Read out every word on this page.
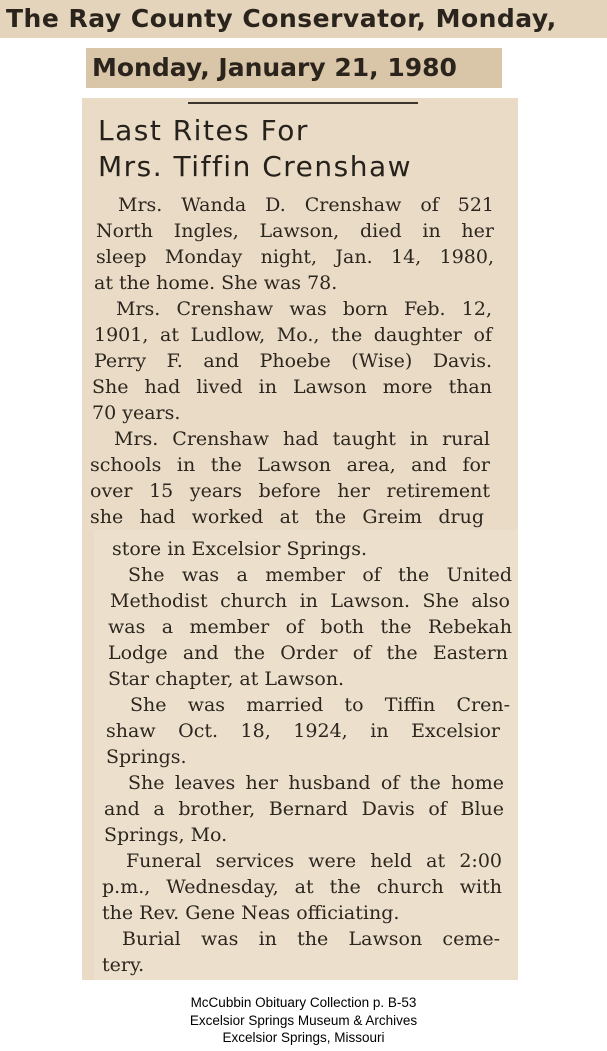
The Ray County Conservator, Monday,
Monday, January 21, 1980
Last Rites For
Mrs. Tiffin Crenshaw
Mrs. Wanda D. Crenshaw of 521
North Ingles, Lawson, died in her
sleep Monday night, Jan. 14, 1980,
at the home. She was 78.
Mrs. Crenshaw was born Feb. 12,
1901, at Ludlow, Mo., the daughter of
Perry F. and Phoebe (Wise) Davis.
She had lived in Lawson more than
70 years.
Mrs. Crenshaw had taught in rural
schools in the Lawson area, and for
over 15 years before her retirement
she had worked at the Greim drug
store in Excelsior Springs.
She was a member of the United
Methodist church in Lawson. She also
was a member of both the Rebekah
Lodge and the Order of the Eastern
Star chapter, at Lawson.
She was married to Tiffin Cren-
shaw Oct. 18, 1924, in Excelsior
Springs.
She leaves her husband of the home
and a brother, Bernard Davis of Blue
Springs, Mo.
Funeral services were held at 2:00
p.m., Wednesday, at the church with
the Rev. Gene Neas officiating.
Burial was in the Lawson ceme-
tery.
McCubbin Obituary Collection p. B-53
Excelsior Springs Museum & Archives
Excelsior Springs, Missouri
